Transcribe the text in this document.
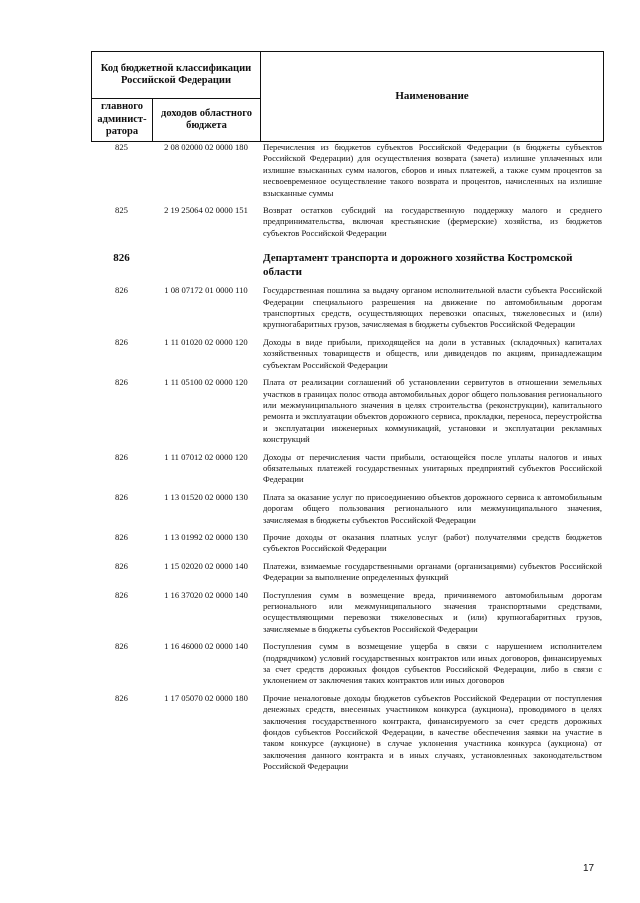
Код бюджетной классификации Российской Федерации		Наименование
главного админист-ратора	доходов областного бюджета	
825	2 08 02000 02 0000 180	Перечисления из бюджетов субъектов Российской Федерации (в бюджеты субъектов Российской Федерации) для осуществления возврата (зачета) излишне уплаченных или излишне взысканных сумм налогов, сборов и иных платежей, а также сумм процентов за несвоевременное осуществление такого возврата и процентов, начисленных на излишне взысканные суммы
825	2 19 25064 02 0000 151	Возврат остатков субсидий на государственную поддержку малого и среднего предпринимательства, включая крестьянские (фермерские) хозяйства, из бюджетов субъектов Российской Федерации
826		Департамент транспорта и дорожного хозяйства Костромской области
826	1 08 07172 01 0000 110	Государственная пошлина за выдачу органом исполнительной власти субъекта Российской Федерации специального разрешения на движение по автомобильным дорогам транспортных средств, осуществляющих перевозки опасных, тяжеловесных и (или) крупногабаритных грузов, зачисляемая в бюджеты субъектов Российской Федерации
826	1 11 01020 02 0000 120	Доходы в виде прибыли, приходящейся на доли в уставных (складочных) капиталах хозяйственных товариществ и обществ, или дивидендов по акциям, принадлежащим субъектам Российской Федерации
826	1 11 05100 02 0000 120	Плата от реализации соглашений об установлении сервитутов в отношении земельных участков в границах полос отвода автомобильных дорог общего пользования регионального или межмуниципального значения в целях строительства (реконструкции), капитального ремонта и эксплуатации объектов дорожного сервиса, прокладки, переноса, переустройства и эксплуатации инженерных коммуникаций, установки и эксплуатации рекламных конструкций
826	1 11 07012 02 0000 120	Доходы от перечисления части прибыли, остающейся после уплаты налогов и иных обязательных платежей государственных унитарных предприятий субъектов Российской Федерации
826	1 13 01520 02 0000 130	Плата за оказание услуг по присоединению объектов дорожного сервиса к автомобильным дорогам общего пользования регионального или межмуниципального значения, зачисляемая в бюджеты субъектов Российской Федерации
826	1 13 01992 02 0000 130	Прочие доходы от оказания платных услуг (работ) получателями средств бюджетов субъектов Российской Федерации
826	1 15 02020 02 0000 140	Платежи, взимаемые государственными органами (организациями) субъектов Российской Федерации за выполнение определенных функций
826	1 16 37020 02 0000 140	Поступления сумм в возмещение вреда, причиняемого автомобильным дорогам регионального или межмуниципального значения транспортными средствами, осуществляющими перевозки тяжеловесных и (или) крупногабаритных грузов, зачисляемые в бюджеты субъектов Российской Федерации
826	1 16 46000 02 0000 140	Поступления сумм в возмещение ущерба в связи с нарушением исполнителем (подрядчиком) условий государственных контрактов или иных договоров, финансируемых за счет средств дорожных фондов субъектов Российской Федерации, либо в связи с уклонением от заключения таких контрактов или иных договоров
826	1 17 05070 02 0000 180	Прочие неналоговые доходы бюджетов субъектов Российской Федерации от поступления денежных средств, внесенных участником конкурса (аукциона), проводимого в целях заключения государственного контракта, финансируемого за счет средств дорожных фондов субъектов Российской Федерации, в качестве обеспечения заявки на участие в таком конкурсе (аукционе) в случае уклонения участника конкурса (аукциона) от заключения данного контракта и в иных случаях, установленных законодательством Российской Федерации
17
